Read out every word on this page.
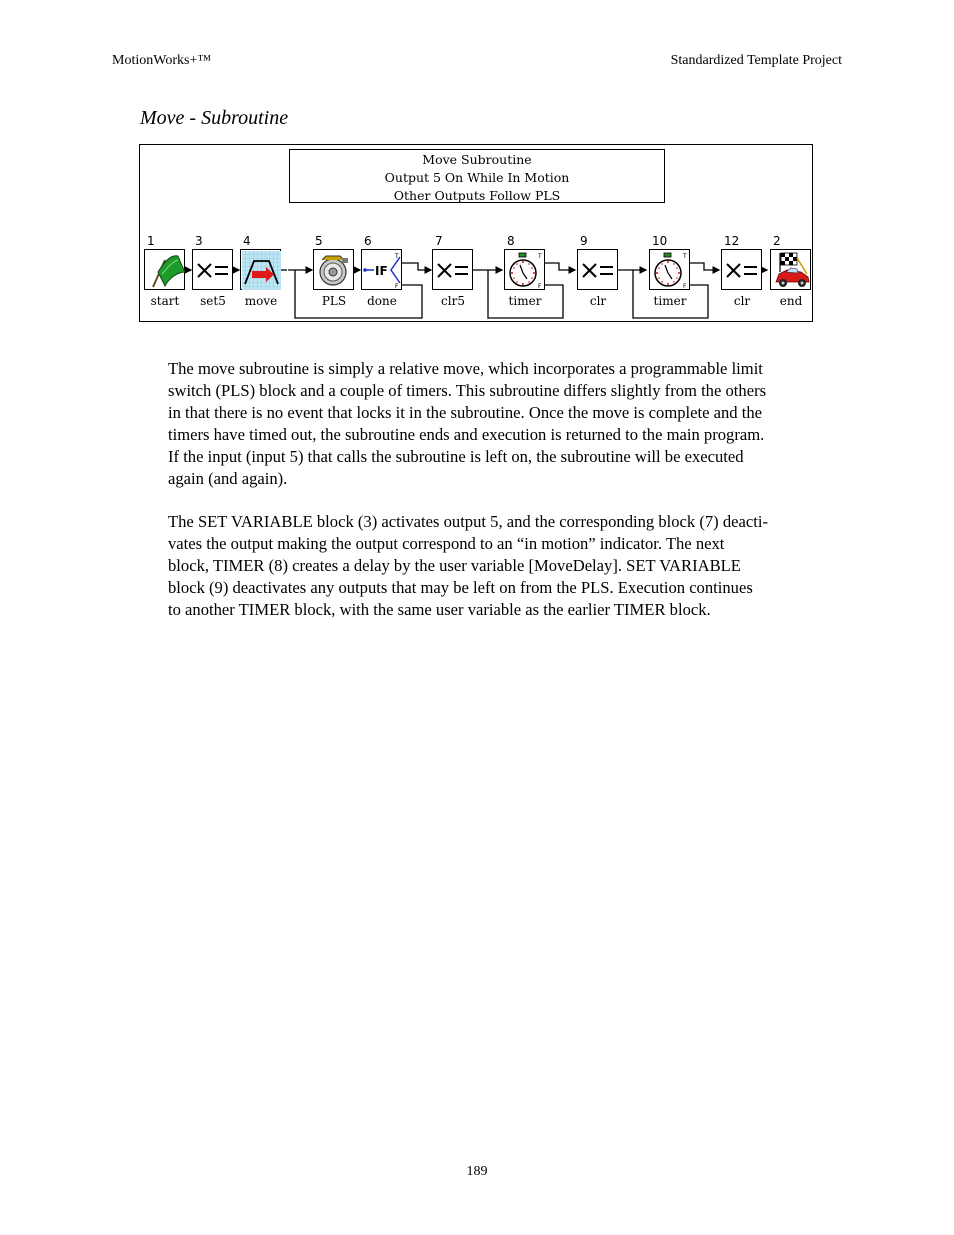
MotionWorks+™	Standardized Template Project
Move - Subroutine
Move Subroutine
Output 5 On While In Motion
Other Outputs Follow PLS
1
start
3
set5
4
move
5
PLS
6
IF
T
F
done
7
clr5
8
T
F
timer
9
clr
10
T
F
timer
12
clr
2
end
The move subroutine is simply a relative move, which incorporates a programmable limit
switch (PLS) block and a couple of timers. This subroutine differs slightly from the others
in that there is no event that locks it in the subroutine. Once the move is complete and the
timers have timed out, the subroutine ends and execution is returned to the main program.
If the input (input 5) that calls the subroutine is left on, the subroutine will be executed
again (and again).
The SET VARIABLE block (3) activates output 5, and the corresponding block (7) deacti-
vates the output making the output correspond to an “in motion” indicator. The next
block, TIMER (8) creates a delay by the user variable [MoveDelay]. SET VARIABLE
block (9) deactivates any outputs that may be left on from the PLS. Execution continues
to another TIMER block, with the same user variable as the earlier TIMER block.
189
